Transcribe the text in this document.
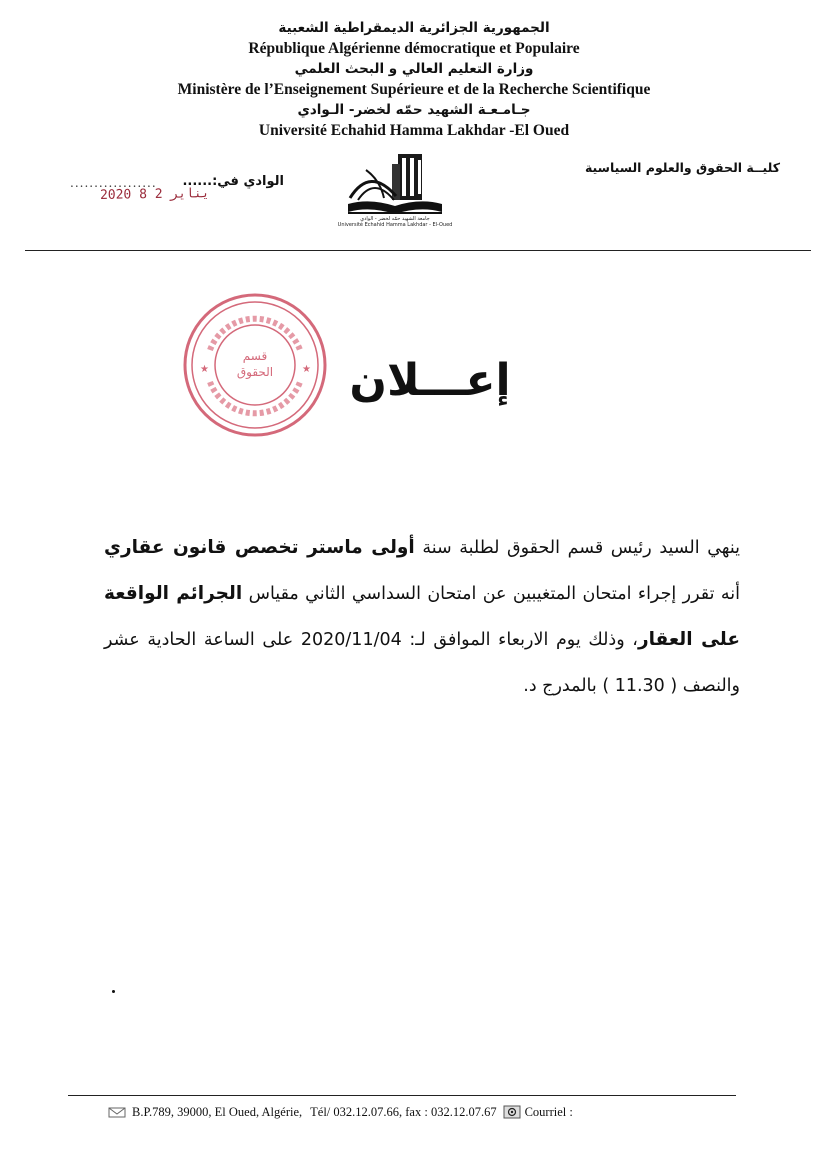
الجمهورية الجزائرية الديمقراطية الشعبية
République Algérienne démocratique et Populaire
وزارة التعليم العالي و البحث العلمي
Ministère de l’Enseignement Supérieure et de la Recherche Scientifique
جـامـعـة الشهيد حمّه لخضر- الـوادي
Université Echahid Hamma Lakhdar -El Oued
كليــة الحقوق والعلوم السياسية
.................. الوادي في:......
2020 ﻳﻨﺎﻳﺮ 2 8
جامعة الشهيد حمّه لخضر - الوادي
Université Echahid Hamma Lakhdar - El-Oued
★	★
قسم
الحقوق	إعـــلان
ينهي السيد رئيس قسم الحقوق لطلبة سنة أولى ماستر تخصص قانون عقاري أنه تقرر إجراء امتحان المتغيبين عن امتحان السداسي الثاني مقياس الجرائم الواقعة على العقار، وذلك يوم الاربعاء الموافق لـ: 2020/11/04 على الساعة الحادية عشر والنصف ( 11.30 ) بالمدرج د.
B.P.789, 39000, El Oued, Algérie, Tél/ 032.12.07.66, fax : 032.12.07.67 Courriel :
